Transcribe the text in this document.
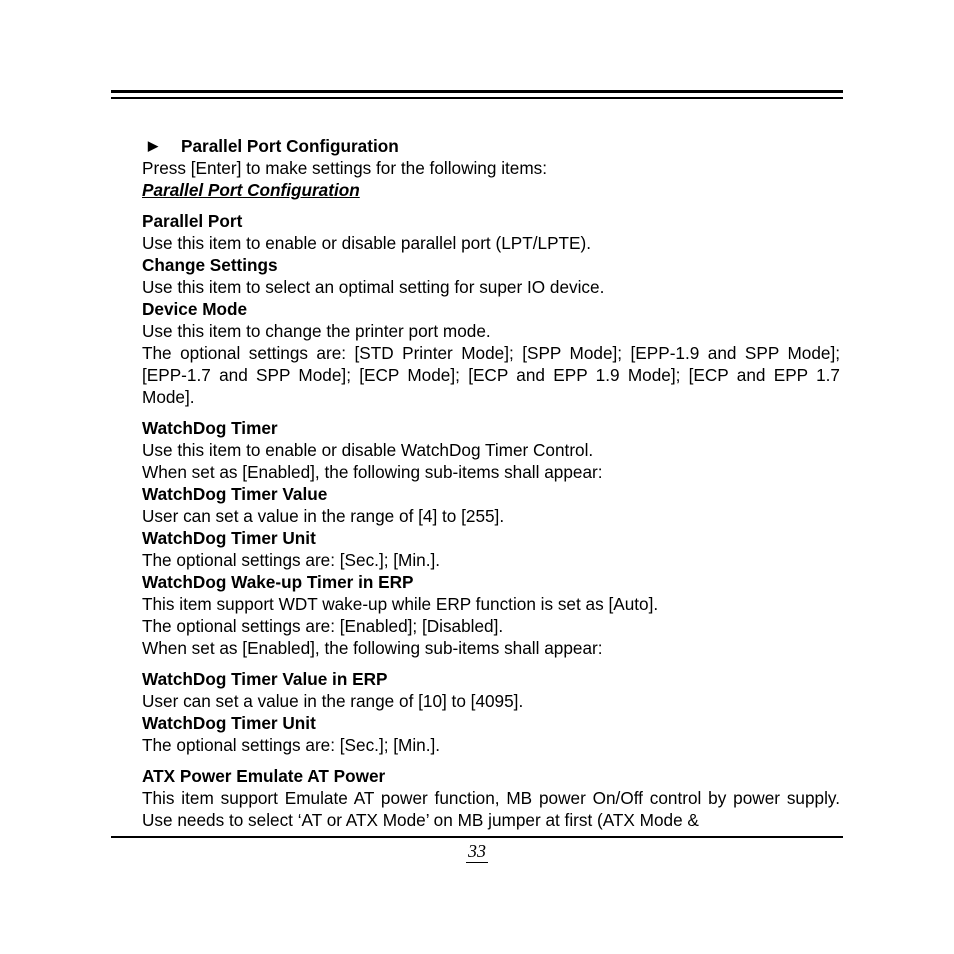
▶ Parallel Port Configuration
Press [Enter] to make settings for the following items:
Parallel Port Configuration
Parallel Port
Use this item to enable or disable parallel port (LPT/LPTE).
Change Settings
Use this item to select an optimal setting for super IO device.
Device Mode
Use this item to change the printer port mode.
The optional settings are: [STD Printer Mode]; [SPP Mode]; [EPP-1.9 and SPP Mode]; [EPP-1.7 and SPP Mode]; [ECP Mode]; [ECP and EPP 1.9 Mode]; [ECP and EPP 1.7 Mode].
WatchDog Timer
Use this item to enable or disable WatchDog Timer Control.
When set as [Enabled], the following sub-items shall appear:
WatchDog Timer Value
User can set a value in the range of [4] to [255].
WatchDog Timer Unit
The optional settings are: [Sec.]; [Min.].
WatchDog Wake-up Timer in ERP
This item support WDT wake-up while ERP function is set as [Auto].
The optional settings are: [Enabled]; [Disabled].
When set as [Enabled], the following sub-items shall appear:
WatchDog Timer Value in ERP
User can set a value in the range of [10] to [4095].
WatchDog Timer Unit
The optional settings are: [Sec.]; [Min.].
ATX Power Emulate AT Power
This item support Emulate AT power function, MB power On/Off control by power supply. Use needs to select ‘AT or ATX Mode’ on MB jumper at first (ATX Mode &
33
